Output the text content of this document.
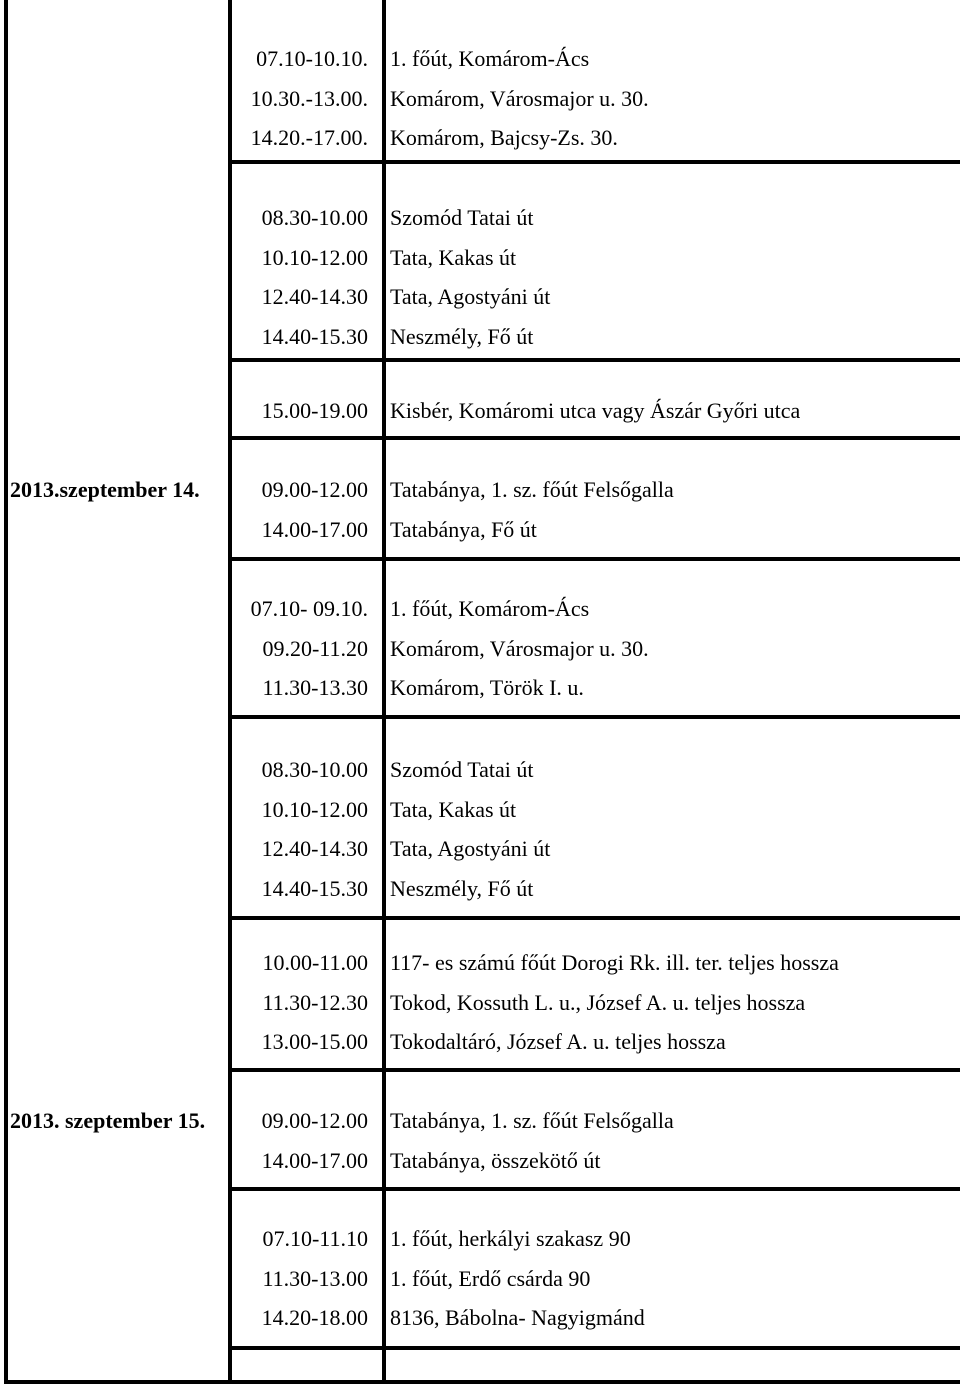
07.10-10.10. 1. főút, Komárom-Ács
10.30.-13.00. Komárom, Városmajor u. 30.
14.20.-17.00. Komárom, Bajcsy-Zs. 30.
08.30-10.00 Szomód Tatai út
10.10-12.00 Tata, Kakas út
12.40-14.30 Tata, Agostyáni út
14.40-15.30 Neszmély, Fő út
15.00-19.00 Kisbér, Komáromi utca vagy Ászár Győri utca
2013.szeptember 14.	09.00-12.00 Tatabánya, 1. sz. főút Felsőgalla
14.00-17.00 Tatabánya, Fő út
07.10- 09.10. 1. főút, Komárom-Ács
09.20-11.20 Komárom, Városmajor u. 30.
11.30-13.30 Komárom, Török I. u.
08.30-10.00 Szomód Tatai út
10.10-12.00 Tata, Kakas út
12.40-14.30 Tata, Agostyáni út
14.40-15.30 Neszmély, Fő út
10.00-11.00 117- es számú főút Dorogi Rk. ill. ter. teljes hossza
11.30-12.30 Tokod, Kossuth L. u., József A. u. teljes hossza
13.00-15.00 Tokodaltáró, József A. u. teljes hossza
2013. szeptember 15.	09.00-12.00 Tatabánya, 1. sz. főút Felsőgalla
14.00-17.00 Tatabánya, összekötő út
07.10-11.10 1. főút, herkályi szakasz 90
11.30-13.00 1. főút, Erdő csárda 90
14.20-18.00 8136, Bábolna- Nagyigmánd
